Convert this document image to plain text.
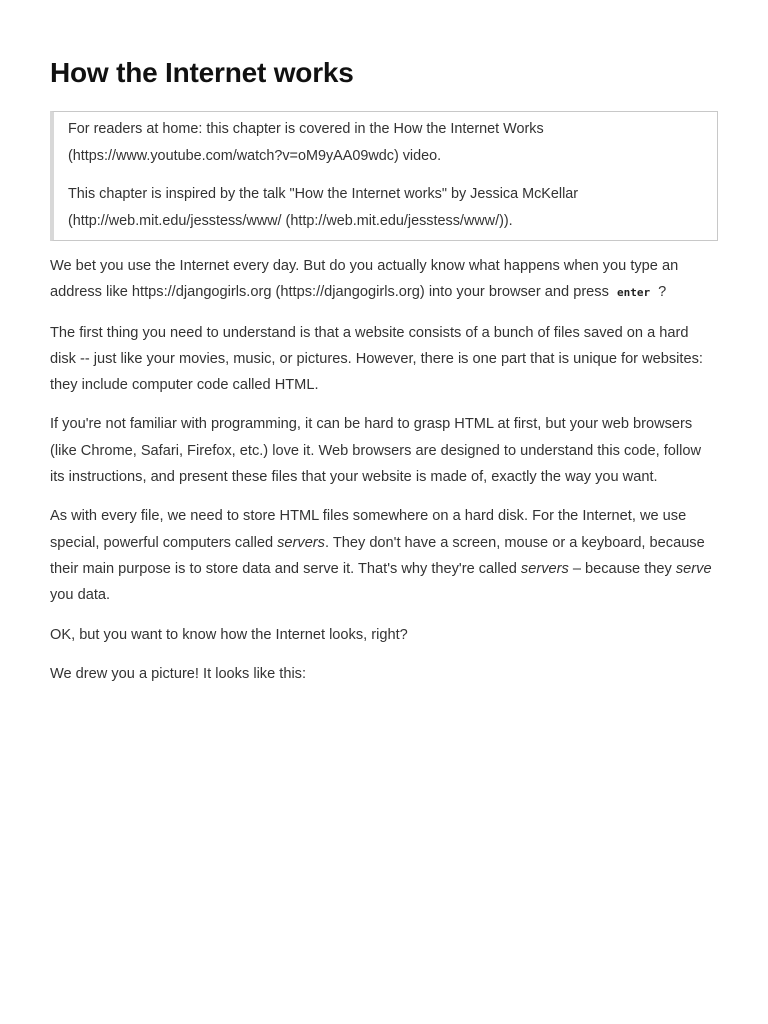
How the Internet works

For readers at home: this chapter is covered in the How the Internet Works
(https://www.youtube.com/watch?v=oM9yAA09wdc) video.

This chapter is inspired by the talk "How the Internet works" by Jessica McKellar
(http://web.mit.edu/jesstess/www/ (http://web.mit.edu/jesstess/www/)).

We bet you use the Internet every day. But do you actually know what happens when you type an address like https://djangogirls.org (https://djangogirls.org) into your browser and press enter ?

The first thing you need to understand is that a website consists of a bunch of files saved on a hard disk -- just like your movies, music, or pictures. However, there is one part that is unique for websites: they include computer code called HTML.

If you're not familiar with programming, it can be hard to grasp HTML at first, but your web browsers (like Chrome, Safari, Firefox, etc.) love it. Web browsers are designed to understand this code, follow its instructions, and present these files that your website is made of, exactly the way you want.

As with every file, we need to store HTML files somewhere on a hard disk. For the Internet, we use special, powerful computers called servers. They don't have a screen, mouse or a keyboard, because their main purpose is to store data and serve it. That's why they're called servers – because they serve you data.

OK, but you want to know how the Internet looks, right?

We drew you a picture! It looks like this:
